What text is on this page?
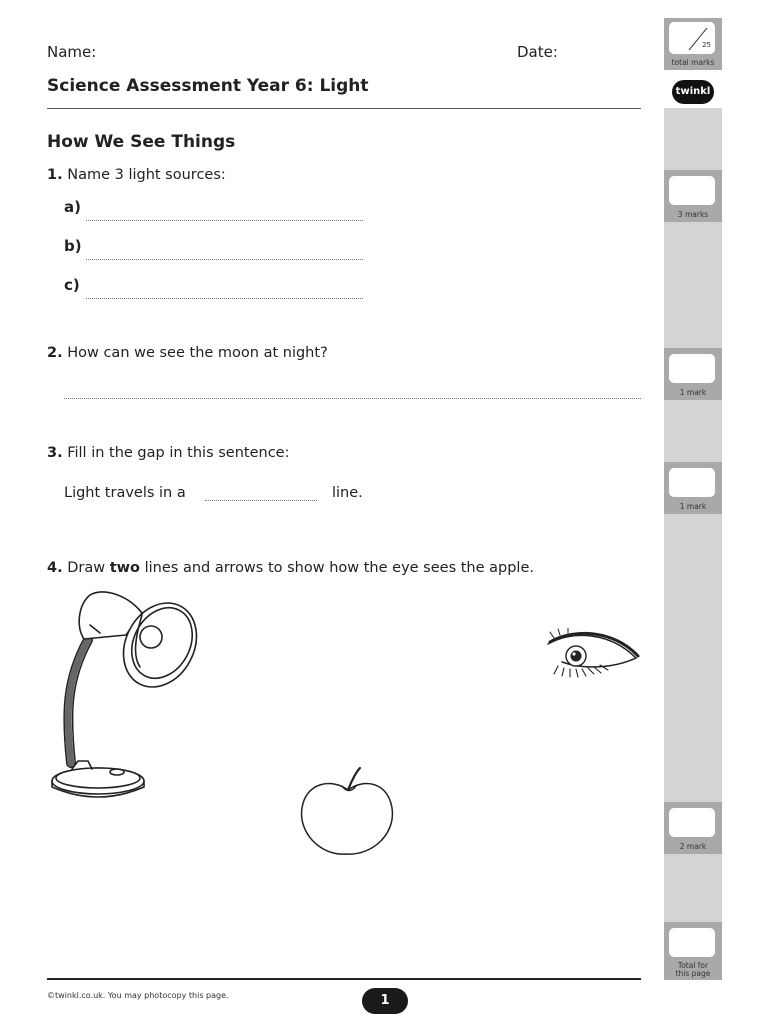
Name:	Date:
Science Assessment Year 6: Light
How We See Things
1. Name 3 light sources:
a)
b)
c)
2. How can we see the moon at night?
3. Fill in the gap in this sentence:
Light travels in a	line.
4. Draw two lines and arrows to show how the eye sees the apple.
25
total marks
twinkl
3 marks
1 mark
1 mark
2 mark
Total for
this page
©twinkl.co.uk. You may photocopy this page.	1
